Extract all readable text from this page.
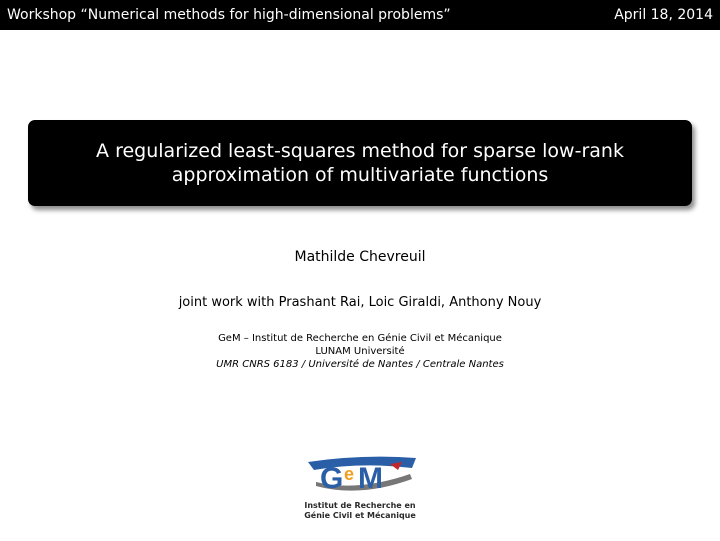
Workshop “Numerical methods for high-dimensional problems”	April 18, 2014
A regularized least-squares method for sparse low-rank
approximation of multivariate functions
Mathilde Chevreuil
joint work with Prashant Rai, Loic Giraldi, Anthony Nouy
GeM – Institut de Recherche en Génie Civil et Mécanique
LUNAM Université
UMR CNRS 6183 / Université de Nantes / Centrale Nantes
G e M
Institut de Recherche en
Génie Civil et Mécanique
